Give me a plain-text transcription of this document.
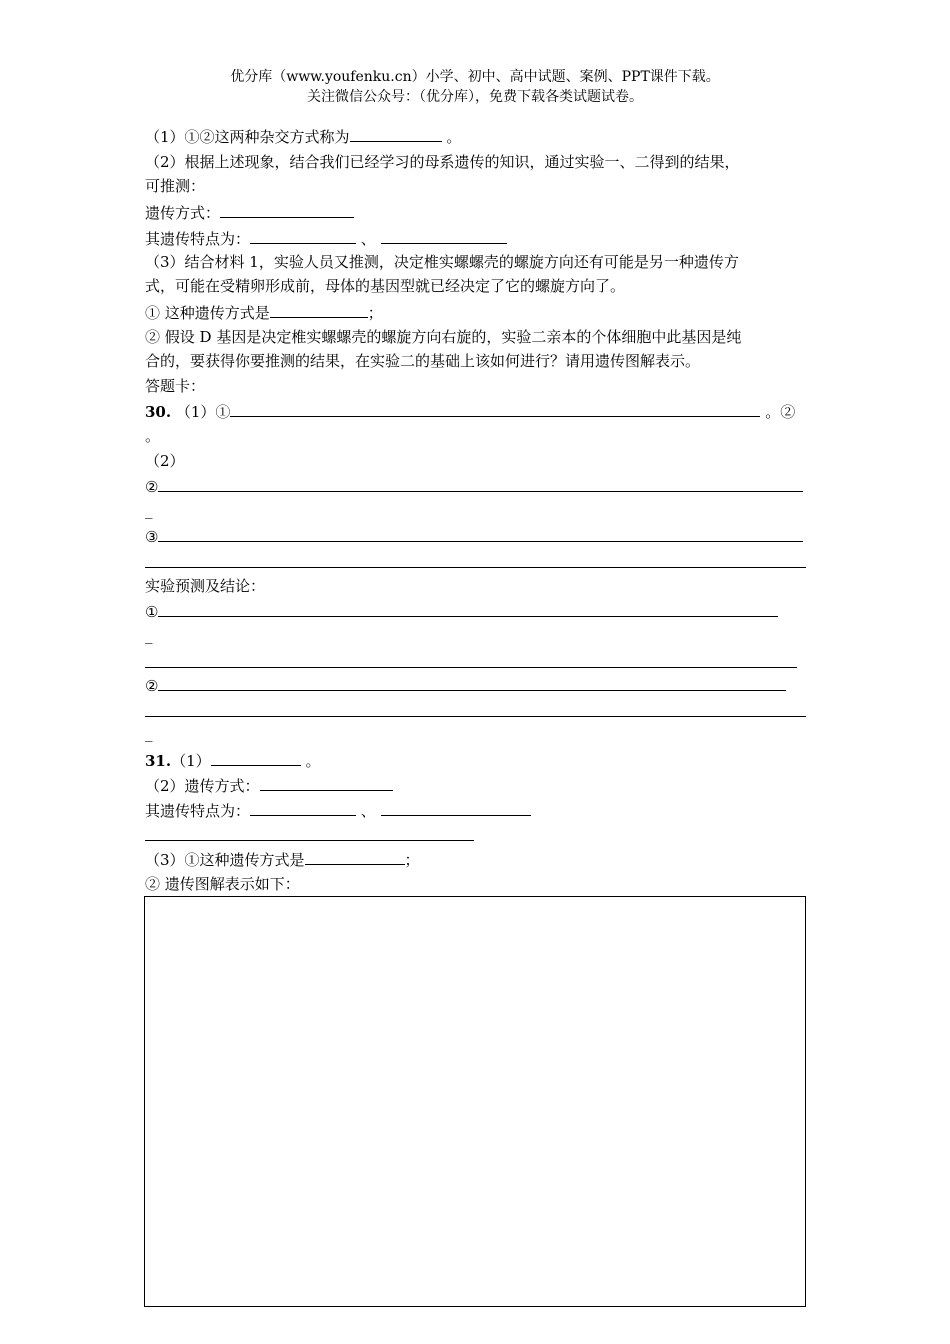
优分库（www.youfenku.cn）小学、初中、高中试题、案例、PPT课件下载。
关注微信公众号：（优分库），免费下载各类试题试卷。
（1）①②这两种杂交方式称为	。
（2）根据上述现象，结合我们已经学习的母系遗传的知识，通过实验一、二得到的结果，
可推测：
遗传方式：
其遗传特点为：	、
（3）结合材料 1，实验人员又推测，决定椎实螺螺壳的螺旋方向还有可能是另一种遗传方
式，可能在受精卵形成前，母体的基因型就已经决定了它的螺旋方向了。
① 这种遗传方式是	；
② 假设 D 基因是决定椎实螺螺壳的螺旋方向右旋的，实验二亲本的个体细胞中此基因是纯
合的，要获得你要推测的结果，在实验二的基础上该如何进行？请用遗传图解表示。
答题卡：
30. （1）①	。②
。
（2）
②
_
③
实验预测及结论：
①
_
②
_
31.（1）	。
（2）遗传方式：
其遗传特点为：	、
（3）①这种遗传方式是	；
② 遗传图解表示如下：
